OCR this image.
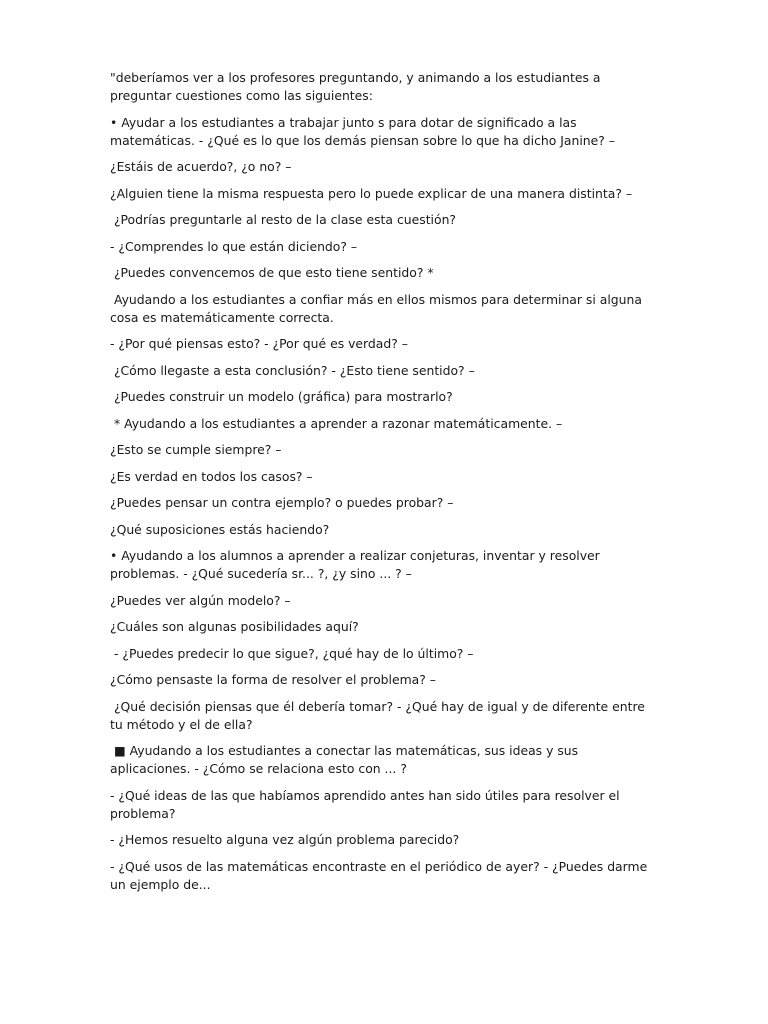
"deberíamos ver a los profesores preguntando, y animando a los estudiantes a preguntar cuestiones como las siguientes:

• Ayudar a los estudiantes a trabajar junto s para dotar de significado a las matemáticas. - ¿Qué es lo que los demás piensan sobre lo que ha dicho Janine? –

¿Estáis de acuerdo?, ¿o no? –

¿Alguien tiene la misma respuesta pero lo puede explicar de una manera distinta? –

¿Podrías preguntarle al resto de la clase esta cuestión?

- ¿Comprendes lo que están diciendo? –

¿Puedes convencemos de que esto tiene sentido? *

Ayudando a los estudiantes a confiar más en ellos mismos para determinar si alguna cosa es matemáticamente correcta.

- ¿Por qué piensas esto? - ¿Por qué es verdad? –

¿Cómo llegaste a esta conclusión? - ¿Esto tiene sentido? –

¿Puedes construir un modelo (gráfica) para mostrarlo?

* Ayudando a los estudiantes a aprender a razonar matemáticamente. –

¿Esto se cumple siempre? –

¿Es verdad en todos los casos? –

¿Puedes pensar un contra ejemplo? o puedes probar? –

¿Qué suposiciones estás haciendo?

• Ayudando a los alumnos a aprender a realizar conjeturas, inventar y resolver problemas. - ¿Qué sucedería sr... ?, ¿y sino ... ? –

¿Puedes ver algún modelo? –

¿Cuáles son algunas posibilidades aquí?

- ¿Puedes predecir lo que sigue?, ¿qué hay de lo último? –

¿Cómo pensaste la forma de resolver el problema? –

¿Qué decisión piensas que él debería tomar? - ¿Qué hay de igual y de diferente entre tu método y el de ella?

■ Ayudando a los estudiantes a conectar las matemáticas, sus ideas y sus aplicaciones. - ¿Cómo se relaciona esto con ... ?

- ¿Qué ideas de las que habíamos aprendido antes han sido útiles para resolver el problema?

- ¿Hemos resuelto alguna vez algún problema parecido?

- ¿Qué usos de las matemáticas encontraste en el periódico de ayer? - ¿Puedes darme un ejemplo de...
